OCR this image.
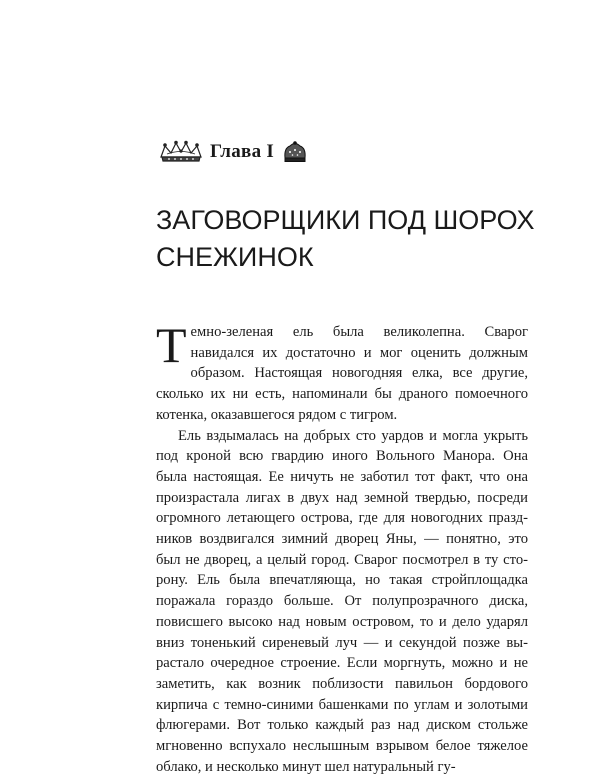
Глава I
ЗАГОВОРЩИКИ ПОД ШОРОХ СНЕЖИНОК

Темно-зеленая ель была великолепна. Сварог навидался их достаточно и мог оценить должным образом. Настоящая новогодняя елка, все другие, сколько их ни есть, напоминали бы драного помоечного котенка, оказавшегося рядом с тигром.

Ель вздымалась на добрых сто уардов и могла укрыть под кроной всю гвардию иного Вольного Манора. Она была настоящая. Ее ничуть не заботил тот факт, что она произрастала лигах в двух над земной твердью, посреди огромного летающего острова, где для новогодних праздников воздвигался зимний дворец Яны, — понятно, это был не дворец, а целый город. Сварог посмотрел в ту сторону. Ель была впечатляюща, но такая стройплощадка поражала гораздо больше. От полупрозрачного диска, повисшего высоко над новым островом, то и дело ударял вниз тоненький сиреневый луч — и секундой позже вырастало очередное строение. Если моргнуть, можно и не заметить, как возник поблизости павильон бордового кирпича с темно-синими башенками по углам и золотыми флюгерами. Вот только каждый раз над диском стольже мгновенно вспухало неслышным взрывом белое тяжелое облако, и несколько минут шел натуральный гу-
